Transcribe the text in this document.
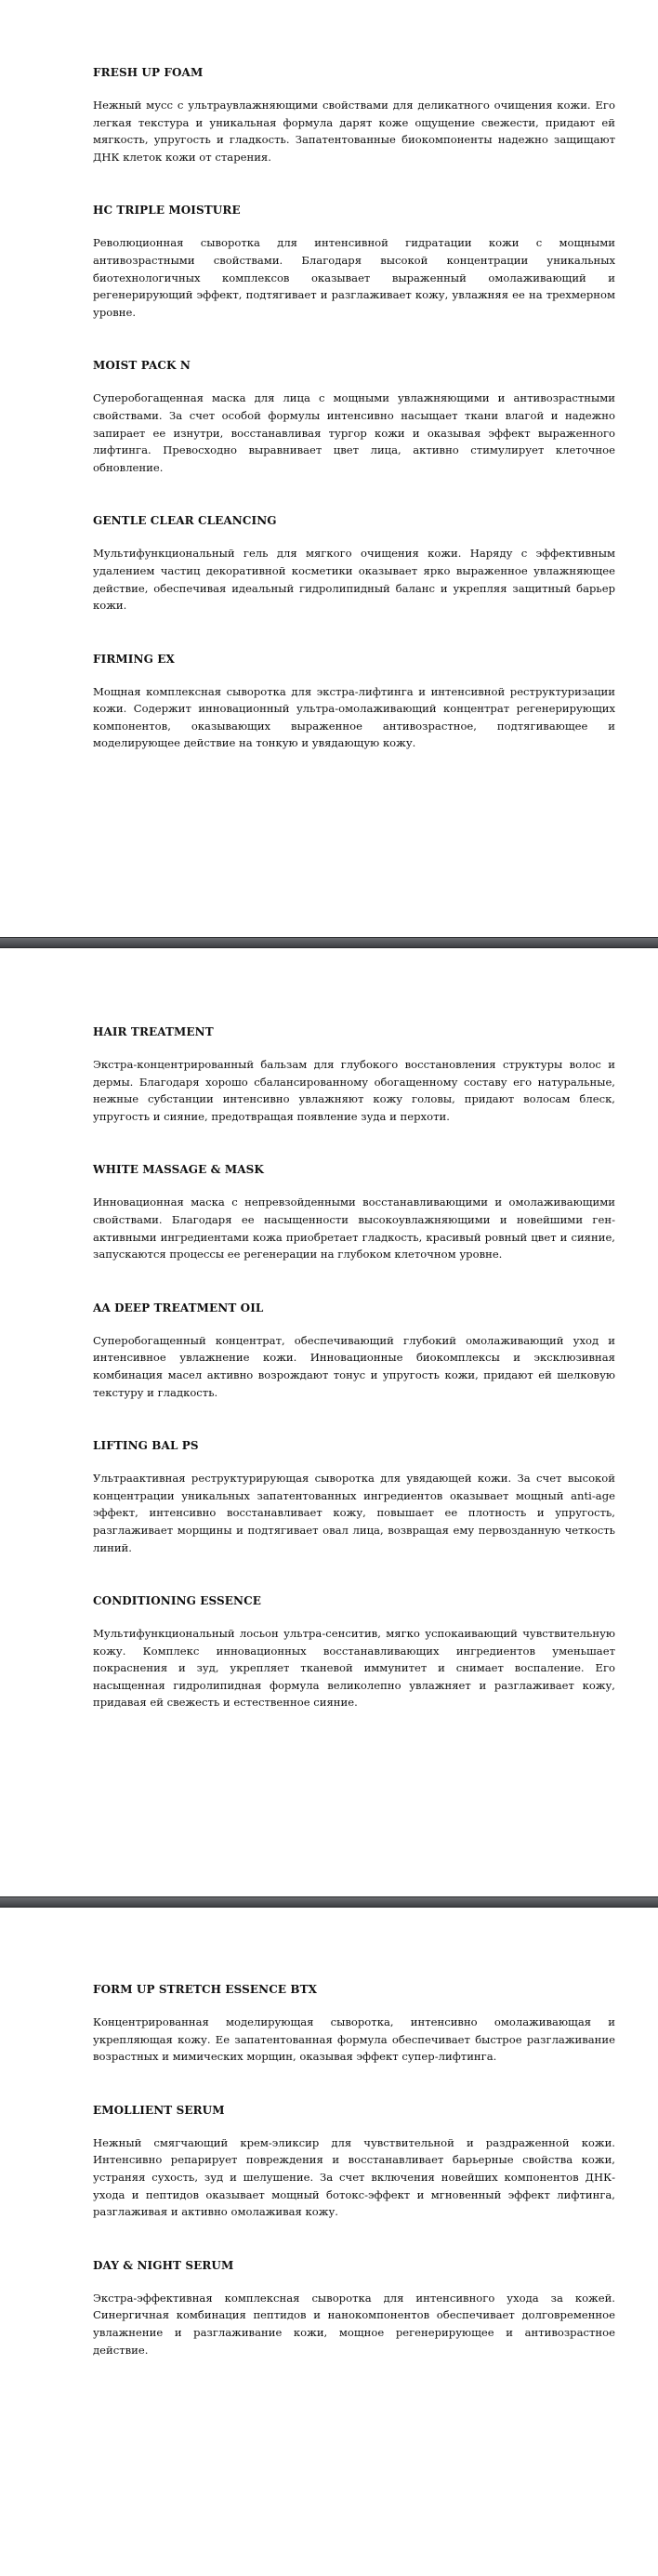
FRESH UP FOAM

Нежный мусс с ультраувлажняющими свойствами для деликатного очищения кожи. Его легкая текстура и уникальная формула дарят коже ощущение свежести, придают ей мягкость, упругость и гладкость. Запатентованные биокомпоненты надежно защищают ДНК клеток кожи от старения.

HC TRIPLE MOISTURE

Революционная сыворотка для интенсивной гидратации кожи с мощными антивозрастными свойствами. Благодаря высокой концентрации уникальных биотехнологичных комплексов оказывает выраженный омолаживающий и регенерирующий эффект, подтягивает и разглаживает кожу, увлажняя ее на трехмерном уровне.

MOIST PACK N

Суперобогащенная маска для лица с мощными увлажняющими и антивозрастными свойствами. За счет особой формулы интенсивно насыщает ткани влагой и надежно запирает ее изнутри, восстанавливая тургор кожи и оказывая эффект выраженного лифтинга. Превосходно выравнивает цвет лица, активно стимулирует клеточное обновление.

GENTLE CLEAR CLEANCING

Мультифункциональный гель для мягкого очищения кожи. Наряду с эффективным удалением частиц декоративной косметики оказывает ярко выраженное увлажняющее действие, обеспечивая идеальный гидролипидный баланс и укрепляя защитный барьер кожи.

FIRMING EX

Мощная комплексная сыворотка для экстра-лифтинга и интенсивной реструктуризации кожи. Содержит инновационный ультра-омолаживающий концентрат регенерирующих компонентов, оказывающих выраженное антивозрастное, подтягивающее и моделирующее действие на тонкую и увядающую кожу.

HAIR TREATMENT

Экстра-концентрированный бальзам для глубокого восстановления структуры волос и дермы. Благодаря хорошо сбалансированному обогащенному составу его натуральные, нежные субстанции интенсивно увлажняют кожу головы, придают волосам блеск, упругость и сияние, предотвращая появление зуда и перхоти.

WHITE MASSAGE & MASK

Инновационная маска с непревзойденными восстанавливающими и омолаживающими свойствами. Благодаря ее насыщенности высокоувлажняющими и новейшими ген-активными ингредиентами кожа приобретает гладкость, красивый ровный цвет и сияние, запускаются процессы ее регенерации на глубоком клеточном уровне.

AA DEEP TREATMENT OIL

Суперобогащенный концентрат, обеспечивающий глубокий омолаживающий уход и интенсивное увлажнение кожи. Инновационные биокомплексы и эксклюзивная комбинация масел активно возрождают тонус и упругость кожи, придают ей шелковую текстуру и гладкость.

LIFTING BAL PS

Ультраактивная реструктурирующая сыворотка для увядающей кожи. За счет высокой концентрации уникальных запатентованных ингредиентов оказывает мощный anti-age эффект, интенсивно восстанавливает кожу, повышает ее плотность и упругость, разглаживает морщины и подтягивает овал лица, возвращая ему первозданную четкость линий.

CONDITIONING ESSENCE

Мультифункциональный лосьон ультра-сенситив, мягко успокаивающий чувствительную кожу. Комплекс инновационных восстанавливающих ингредиентов уменьшает покраснения и зуд, укрепляет тканевой иммунитет и снимает воспаление. Его насыщенная гидролипидная формула великолепно увлажняет и разглаживает кожу, придавая ей свежесть и естественное сияние.

FORM UP STRETCH ESSENCE BTX

Концентрированная моделирующая сыворотка, интенсивно омолаживающая и укрепляющая кожу. Ее запатентованная формула обеспечивает быстрое разглаживание возрастных и мимических морщин, оказывая эффект супер-лифтинга.

EMOLLIENT SERUM

Нежный смягчающий крем-эликсир для чувствительной и раздраженной кожи. Интенсивно репарирует повреждения и восстанавливает барьерные свойства кожи, устраняя сухость, зуд и шелушение. За счет включения новейших компонентов ДНК-ухода и пептидов оказывает мощный ботокс-эффект и мгновенный эффект лифтинга, разглаживая и активно омолаживая кожу.

DAY & NIGHT SERUM

Экстра-эффективная комплексная сыворотка для интенсивного ухода за кожей. Синергичная комбинация пептидов и нанокомпонентов обеспечивает долговременное увлажнение и разглаживание кожи, мощное регенерирующее и антивозрастное действие.
